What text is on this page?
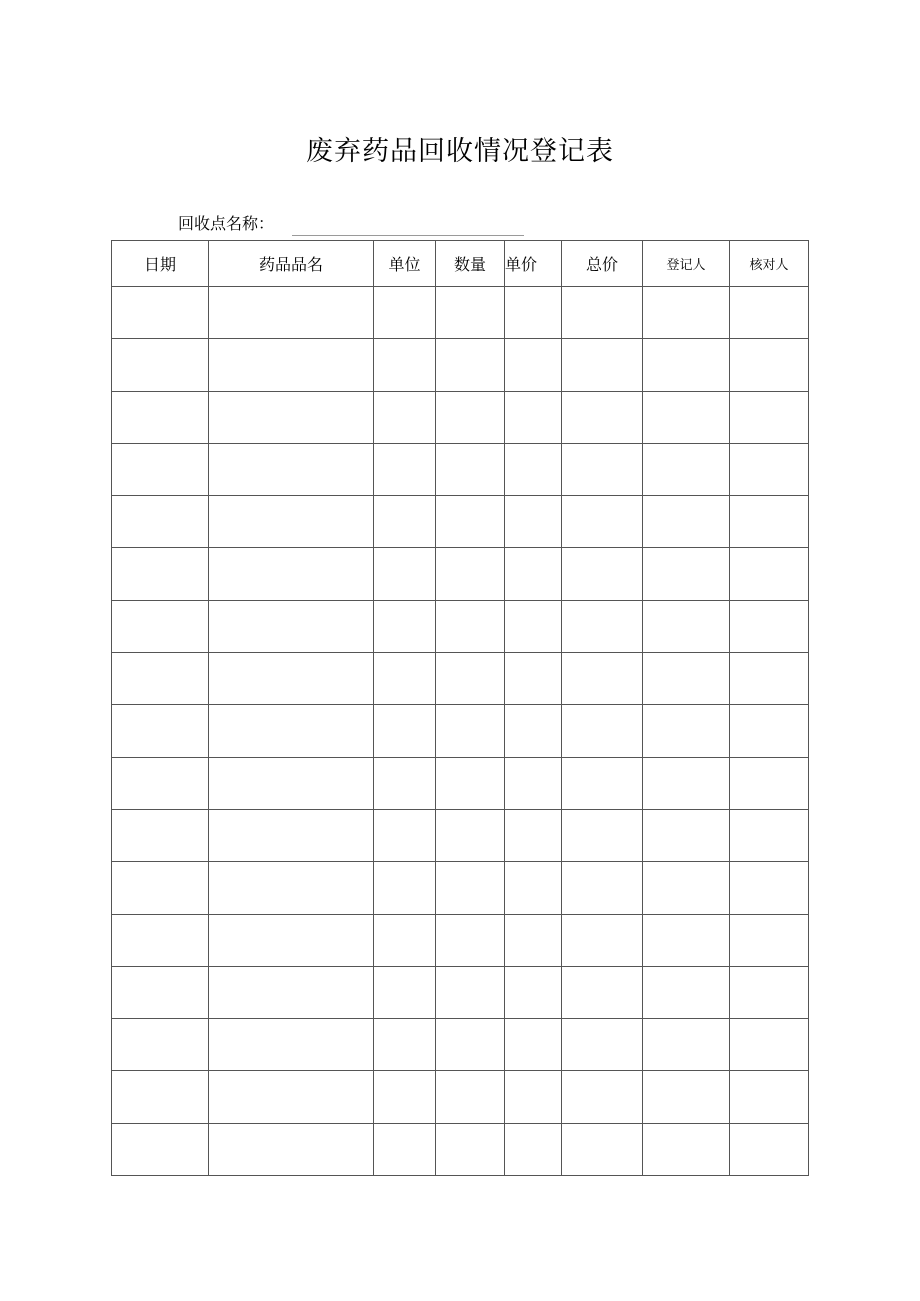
废弃药品回收情况登记表
回收点名称：
日期	药品品名	单位	数量	单价	总价	登记人	核对人
